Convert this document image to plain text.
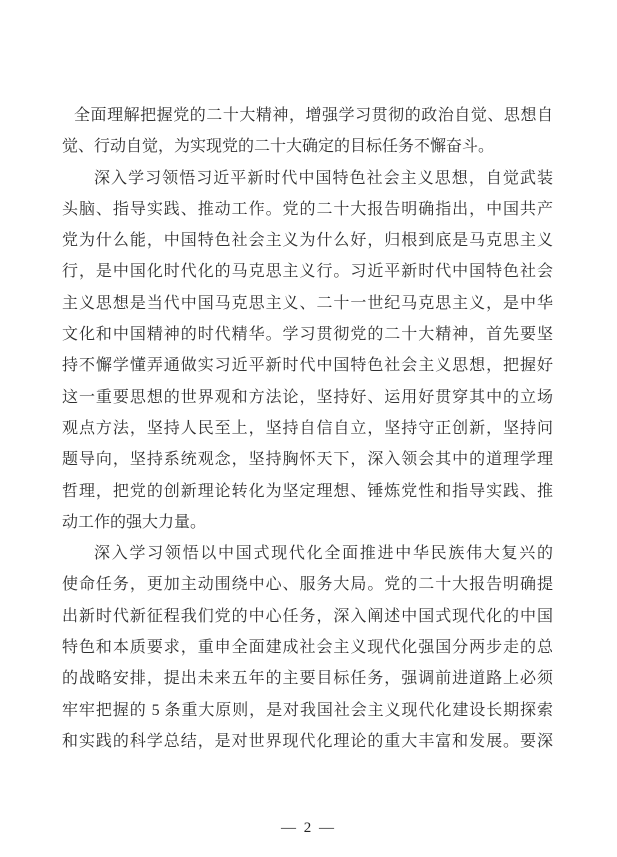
全面理解把握党的二十大精神，增强学习贯彻的政治自觉、思想自
觉、行动自觉，为实现党的二十大确定的目标任务不懈奋斗。
深入学习领悟习近平新时代中国特色社会主义思想，自觉武装
头脑、指导实践、推动工作。党的二十大报告明确指出，中国共产
党为什么能，中国特色社会主义为什么好，归根到底是马克思主义
行，是中国化时代化的马克思主义行。习近平新时代中国特色社会
主义思想是当代中国马克思主义、二十一世纪马克思主义，是中华
文化和中国精神的时代精华。学习贯彻党的二十大精神，首先要坚
持不懈学懂弄通做实习近平新时代中国特色社会主义思想，把握好
这一重要思想的世界观和方法论，坚持好、运用好贯穿其中的立场
观点方法，坚持人民至上，坚持自信自立，坚持守正创新，坚持问
题导向，坚持系统观念，坚持胸怀天下，深入领会其中的道理学理
哲理，把党的创新理论转化为坚定理想、锤炼党性和指导实践、推
动工作的强大力量。
深入学习领悟以中国式现代化全面推进中华民族伟大复兴的
使命任务，更加主动围绕中心、服务大局。党的二十大报告明确提
出新时代新征程我们党的中心任务，深入阐述中国式现代化的中国
特色和本质要求，重申全面建成社会主义现代化强国分两步走的总
的战略安排，提出未来五年的主要目标任务，强调前进道路上必须
牢牢把握的 5 条重大原则，是对我国社会主义现代化建设长期探索
和实践的科学总结，是对世界现代化理论的重大丰富和发展。要深
— 2 —
